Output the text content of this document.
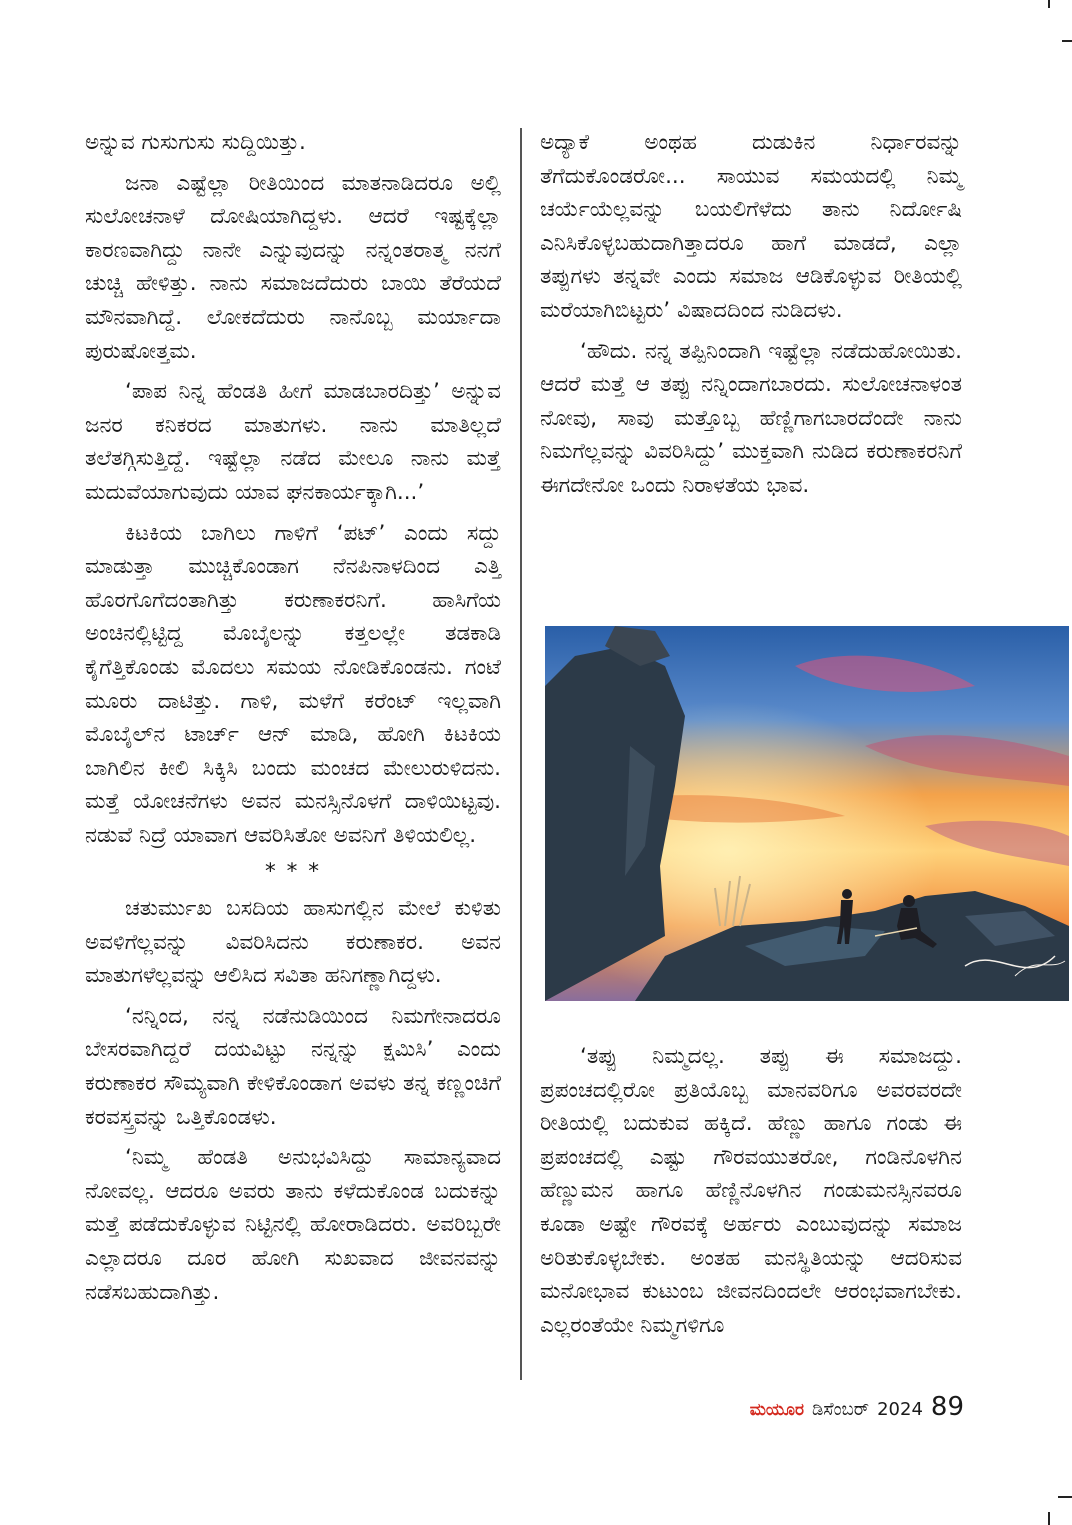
ಅನ್ನುವ ಗುಸುಗುಸು ಸುದ್ದಿಯಿತ್ತು.

ಜನಾ ಎಷ್ಟೆಲ್ಲಾ ರೀತಿಯಿಂದ ಮಾತನಾಡಿದರೂ ಅಲ್ಲಿ ಸುಲೋಚನಾಳೆ ದೋಷಿಯಾಗಿದ್ದಳು. ಆದರೆ ಇಷ್ಟಕ್ಕೆಲ್ಲಾ ಕಾರಣವಾಗಿದ್ದು ನಾನೇ ಎನ್ನುವುದನ್ನು ನನ್ನಂತರಾತ್ಮ ನನಗೆ ಚುಚ್ಚಿ ಹೇಳಿತ್ತು. ನಾನು ಸಮಾಜದೆದುರು ಬಾಯಿ ತೆರೆಯದೆ ಮೌನವಾಗಿದ್ದೆ. ಲೋಕದೆದುರು ನಾನೊಬ್ಬ ಮರ್ಯಾದಾ ಪುರುಷೋತ್ತಮ.

‘ಪಾಪ ನಿನ್ನ ಹೆಂಡತಿ ಹೀಗೆ ಮಾಡಬಾರದಿತ್ತು’ ಅನ್ನುವ ಜನರ ಕನಿಕರದ ಮಾತುಗಳು. ನಾನು ಮಾತಿಲ್ಲದೆ ತಲೆತಗ್ಗಿಸುತ್ತಿದ್ದೆ. ಇಷ್ಟೆಲ್ಲಾ ನಡೆದ ಮೇಲೂ ನಾನು ಮತ್ತೆ ಮದುವೆಯಾಗುವುದು ಯಾವ ಘನಕಾರ್ಯಕ್ಕಾಗಿ...’

ಕಿಟಕಿಯ ಬಾಗಿಲು ಗಾಳಿಗೆ ‘ಪಟ್’ ಎಂದು ಸದ್ದು ಮಾಡುತ್ತಾ ಮುಚ್ಚಿಕೊಂಡಾಗ ನೆನಪಿನಾಳದಿಂದ ಎತ್ತಿ ಹೊರಗೊಗೆದಂತಾಗಿತ್ತು ಕರುಣಾಕರನಿಗೆ. ಹಾಸಿಗೆಯ ಅಂಚಿನಲ್ಲಿಟ್ಟಿದ್ದ ಮೊಬೈಲನ್ನು ಕತ್ತಲಲ್ಲೇ ತಡಕಾಡಿ ಕೈಗೆತ್ತಿಕೊಂಡು ಮೊದಲು ಸಮಯ ನೋಡಿಕೊಂಡನು. ಗಂಟೆ ಮೂರು ದಾಟಿತ್ತು. ಗಾಳಿ, ಮಳೆಗೆ ಕರೆಂಟ್ ಇಲ್ಲವಾಗಿ ಮೊಬೈಲ್‌ನ ಟಾರ್ಚ್ ಆನ್ ಮಾಡಿ, ಹೋಗಿ ಕಿಟಕಿಯ ಬಾಗಿಲಿನ ಕೀಲಿ ಸಿಕ್ಕಿಸಿ ಬಂದು ಮಂಚದ ಮೇಲುರುಳಿದನು. ಮತ್ತೆ ಯೋಚನೆಗಳು ಅವನ ಮನಸ್ಸಿನೊಳಗೆ ದಾಳಿಯಿಟ್ಟವು. ನಡುವೆ ನಿದ್ರೆ ಯಾವಾಗ ಆವರಿಸಿತೋ ಅವನಿಗೆ ತಿಳಿಯಲಿಲ್ಲ.

* * *

ಚತುರ್ಮುಖ ಬಸದಿಯ ಹಾಸುಗಲ್ಲಿನ ಮೇಲೆ ಕುಳಿತು ಅವಳಿಗೆಲ್ಲವನ್ನು ವಿವರಿಸಿದನು ಕರುಣಾಕರ. ಅವನ ಮಾತುಗಳೆಲ್ಲವನ್ನು ಆಲಿಸಿದ ಸವಿತಾ ಹನಿಗಣ್ಣಾಗಿದ್ದಳು.

‘ನನ್ನಿಂದ, ನನ್ನ ನಡೆನುಡಿಯಿಂದ ನಿಮಗೇನಾದರೂ ಬೇಸರವಾಗಿದ್ದರೆ ದಯವಿಟ್ಟು ನನ್ನನ್ನು ಕ್ಷಮಿಸಿ’ ಎಂದು ಕರುಣಾಕರ ಸೌಮ್ಯವಾಗಿ ಕೇಳಿಕೊಂಡಾಗ ಅವಳು ತನ್ನ ಕಣ್ಣಂಚಿಗೆ ಕರವಸ್ತ್ರವನ್ನು ಒತ್ತಿಕೊಂಡಳು.

‘ನಿಮ್ಮ ಹೆಂಡತಿ ಅನುಭವಿಸಿದ್ದು ಸಾಮಾನ್ಯವಾದ ನೋವಲ್ಲ. ಆದರೂ ಅವರು ತಾನು ಕಳೆದುಕೊಂಡ ಬದುಕನ್ನು ಮತ್ತೆ ಪಡೆದುಕೊಳ್ಳುವ ನಿಟ್ಟಿನಲ್ಲಿ ಹೋರಾಡಿದರು. ಅವರಿಬ್ಬರೇ ಎಲ್ಲಾದರೂ ದೂರ ಹೋಗಿ ಸುಖವಾದ ಜೀವನವನ್ನು ನಡೆಸಬಹುದಾಗಿತ್ತು.

ಅದ್ಯಾಕೆ ಅಂಥಹ ದುಡುಕಿನ ನಿರ್ಧಾರವನ್ನು ತೆಗೆದುಕೊಂಡರೋ... ಸಾಯುವ ಸಮಯದಲ್ಲಿ ನಿಮ್ಮ ಚರ್ಯೆಯೆಲ್ಲವನ್ನು ಬಯಲಿಗೆಳೆದು ತಾನು ನಿರ್ದೋಷಿ ಎನಿಸಿಕೊಳ್ಳಬಹುದಾಗಿತ್ತಾದರೂ ಹಾಗೆ ಮಾಡದೆ, ಎಲ್ಲಾ ತಪ್ಪುಗಳು ತನ್ನವೇ ಎಂದು ಸಮಾಜ ಆಡಿಕೊಳ್ಳುವ ರೀತಿಯಲ್ಲಿ ಮರೆಯಾಗಿಬಿಟ್ಟರು’ ವಿಷಾದದಿಂದ ನುಡಿದಳು.

‘ಹೌದು. ನನ್ನ ತಪ್ಪಿನಿಂದಾಗಿ ಇಷ್ಟೆಲ್ಲಾ ನಡೆದುಹೋಯಿತು. ಆದರೆ ಮತ್ತೆ ಆ ತಪ್ಪು ನನ್ನಿಂದಾಗಬಾರದು. ಸುಲೋಚನಾಳಂತ ನೋವು, ಸಾವು ಮತ್ತೊಬ್ಬ ಹೆಣ್ಣಿಗಾಗಬಾರದೆಂದೇ ನಾನು ನಿಮಗೆಲ್ಲವನ್ನು ವಿವರಿಸಿದ್ದು’ ಮುಕ್ತವಾಗಿ ನುಡಿದ ಕರುಣಾಕರನಿಗೆ ಈಗದೇನೋ ಒಂದು ನಿರಾಳತೆಯ ಭಾವ.

‘ತಪ್ಪು ನಿಮ್ಮದಲ್ಲ. ತಪ್ಪು ಈ ಸಮಾಜದ್ದು. ಪ್ರಪಂಚದಲ್ಲಿರೋ ಪ್ರತಿಯೊಬ್ಬ ಮಾನವರಿಗೂ ಅವರವರದೇ ರೀತಿಯಲ್ಲಿ ಬದುಕುವ ಹಕ್ಕಿದೆ. ಹೆಣ್ಣು ಹಾಗೂ ಗಂಡು ಈ ಪ್ರಪಂಚದಲ್ಲಿ ಎಷ್ಟು ಗೌರವಯುತರೋ, ಗಂಡಿನೊಳಗಿನ ಹೆಣ್ಣುಮನ ಹಾಗೂ ಹೆಣ್ಣಿನೊಳಗಿನ ಗಂಡುಮನಸ್ಸಿನವರೂ ಕೂಡಾ ಅಷ್ಟೇ ಗೌರವಕ್ಕೆ ಅರ್ಹರು ಎಂಬುವುದನ್ನು ಸಮಾಜ ಅರಿತುಕೊಳ್ಳಬೇಕು. ಅಂತಹ ಮನಸ್ಥಿತಿಯನ್ನು ಆದರಿಸುವ ಮನೋಭಾವ ಕುಟುಂಬ ಜೀವನದಿಂದಲೇ ಆರಂಭವಾಗಬೇಕು. ಎಲ್ಲರಂತೆಯೇ ನಿಮ್ಮಗಳಿಗೂ

ಮಯೂರ ಡಿಸೆಂಬರ್ 2024 89
